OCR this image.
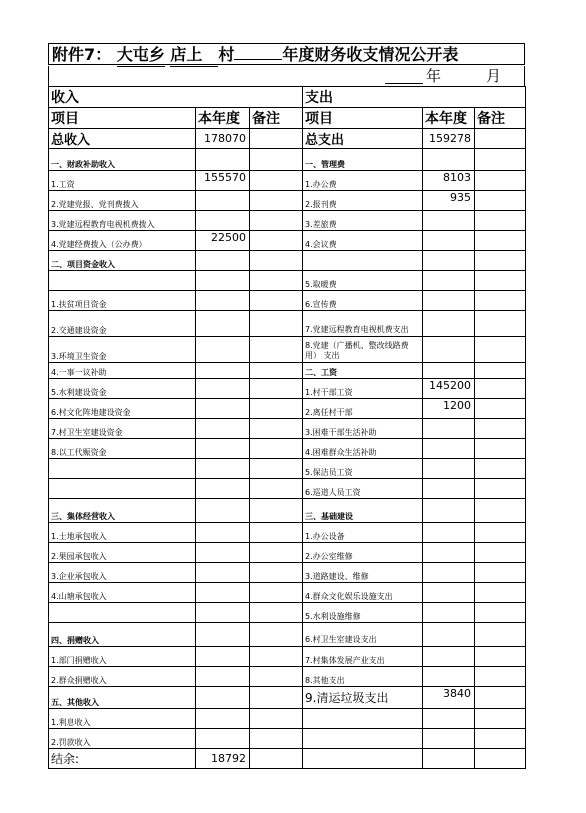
附件7： 大屯乡 店上 村	年度财务收支情况公开表
年	月
收入			支出		
项目	本年度	备注	项目	本年度	备注
总收入	178070		总支出	159278	
一、财政补助收入			一、管理费		
1.工资	155570		1.办公费	8103	
2.党建党报、党刊费拨入			2.报刊费	935	
3.党建远程教育电视机费拨入			3.差旅费		
4.党建经费拨入（公办费）	22500		4.会议费		
二、项目资金收入					
			5.取暖费		
1.扶贫项目资金			6.宣传费		
2.交通建设资金			7.党建远程教育电视机费支出		
3.环境卫生资金			8.党建（广播机、整改线路费用） 支出		
4.一事一议补助			二、工资		
5.水利建设资金			1.村干部工资	145200	
6.村文化阵地建设资金			2.离任村干部	1200	
7.村卫生室建设资金			3.困难干部生活补助		
8.以工代赈资金			4.困难群众生活补助		
			5.保洁员工资		
			6.巡道人员工资		
三、集体经营收入			三、基础建设		
1.土地承包收入			1.办公设备		
2.果园承包收入			2.办公室维修		
3.企业承包收入			3.道路建设、维修		
4.山塘承包收入			4.群众文化娱乐设施支出		
			5.水利设施维修		
四、捐赠收入			6.村卫生室建设支出		
1.部门捐赠收入			7.村集体发展产业支出		
2.群众捐赠收入			8.其他支出		
五、其他收入			9.清运垃圾支出	3840	
1.利息收入					
2.罚款收入					
结余:	18792				
